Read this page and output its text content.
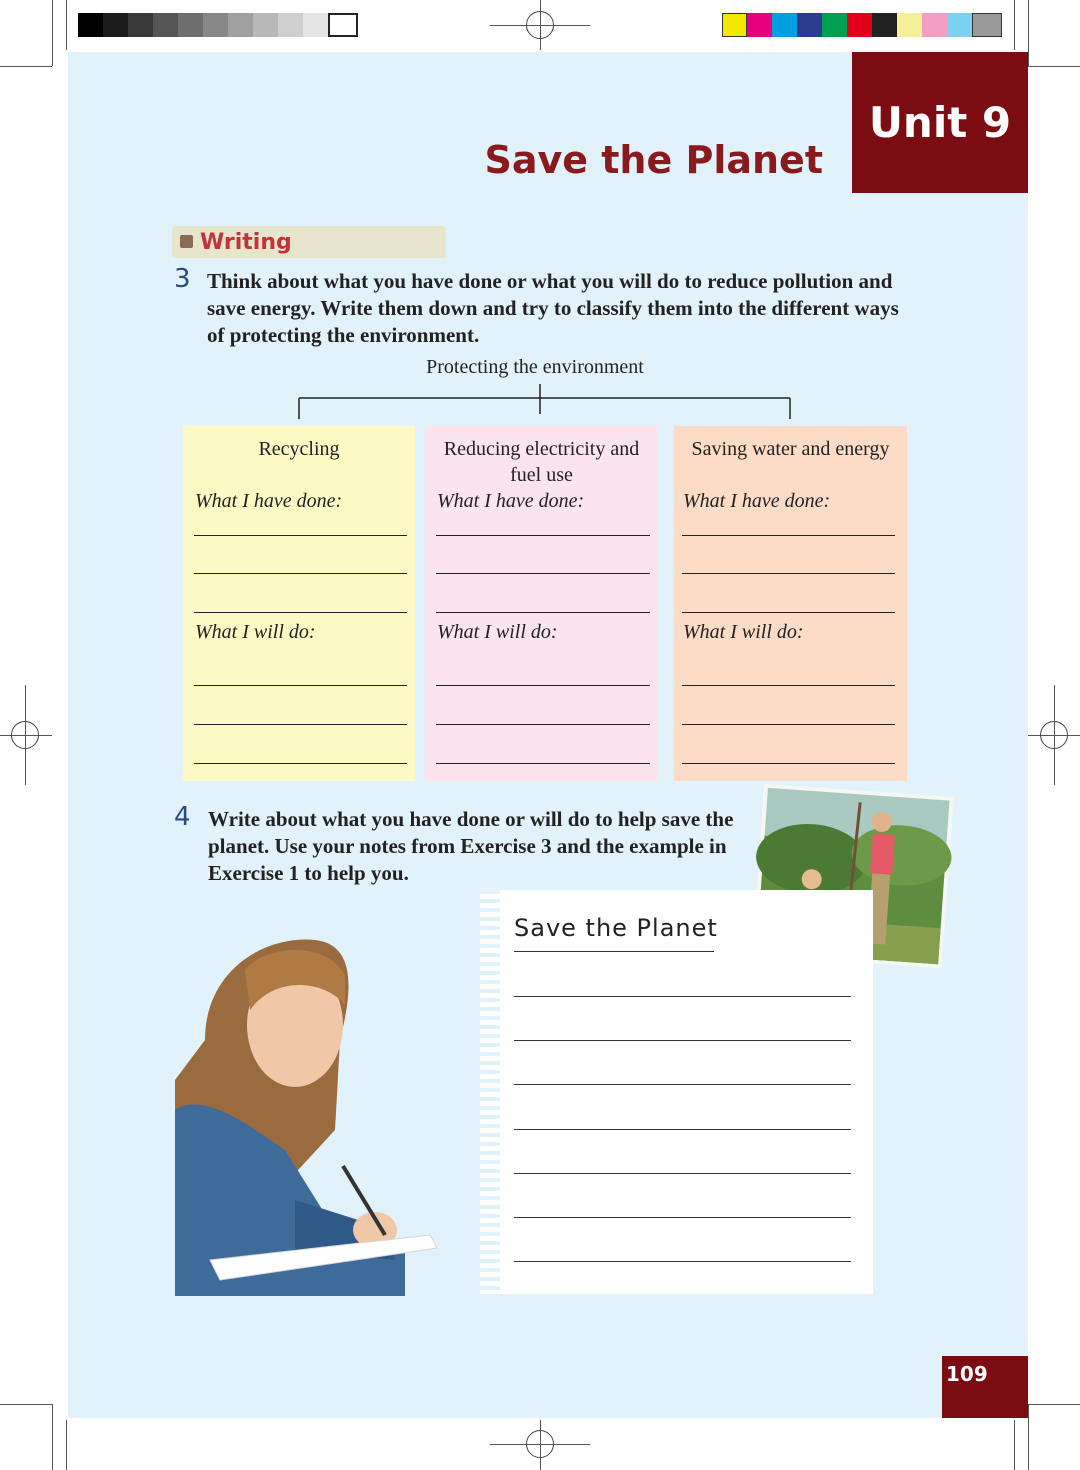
Unit 9
Save the Planet
Writing
3 Think about what you have done or what you will do to reduce pollution and
save energy. Write them down and try to classify them into the different ways
of protecting the environment.
Protecting the environment
Recycling
What I have done:
What I will do:
Reducing electricity and fuel use
What I have done:
What I will do:
Saving water and energy
What I have done:
What I will do:
4 Write about what you have done or will do to help save the
planet. Use your notes from Exercise 3 and the example in
Exercise 1 to help you.
Save the Planet
109
